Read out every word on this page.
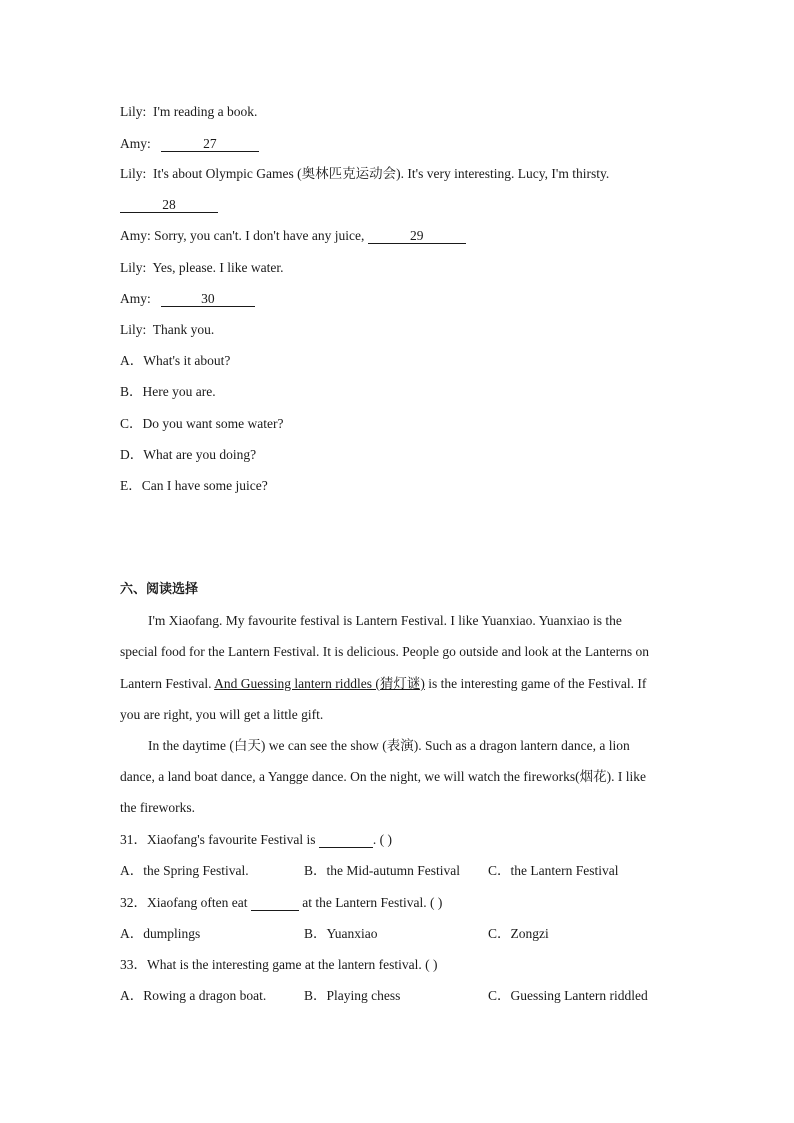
Lily: I'm reading a book.
Amy:	27
Lily: It's about Olympic Games (奥林匹克运动会). It's very interesting. Lucy, I'm thirsty.
28
Amy: Sorry, you can't. I don't have any juice,	29
Lily: Yes, please. I like water.
Amy:	30
Lily: Thank you.
A．What's it about?
B．Here you are.
C．Do you want some water?
D．What are you doing?
E．Can I have some juice?
六、阅读选择
I'm Xiaofang. My favourite festival is Lantern Festival. I like Yuanxiao. Yuanxiao is the
special food for the Lantern Festival. It is delicious. People go outside and look at the Lanterns on
Lantern Festival. And Guessing lantern riddles (猜灯谜) is the interesting game of the Festival. If
you are right, you will get a little gift.
In the daytime (白天) we can see the show (表演). Such as a dragon lantern dance, a lion
dance, a land boat dance, a Yangge dance. On the night, we will watch the fireworks(烟花). I like
the fireworks.
31．Xiaofang's favourite Festival is	. ( )
A．the Spring Festival.	B．the Mid-autumn Festival C．the Lantern Festival
32．Xiaofang often eat	at the Lantern Festival. ( )
A．dumplings	B．Yuanxiao	C．Zongzi
33．What is the interesting game at the lantern festival. ( )
A．Rowing a dragon boat.	B．Playing chess	C．Guessing Lantern riddled
